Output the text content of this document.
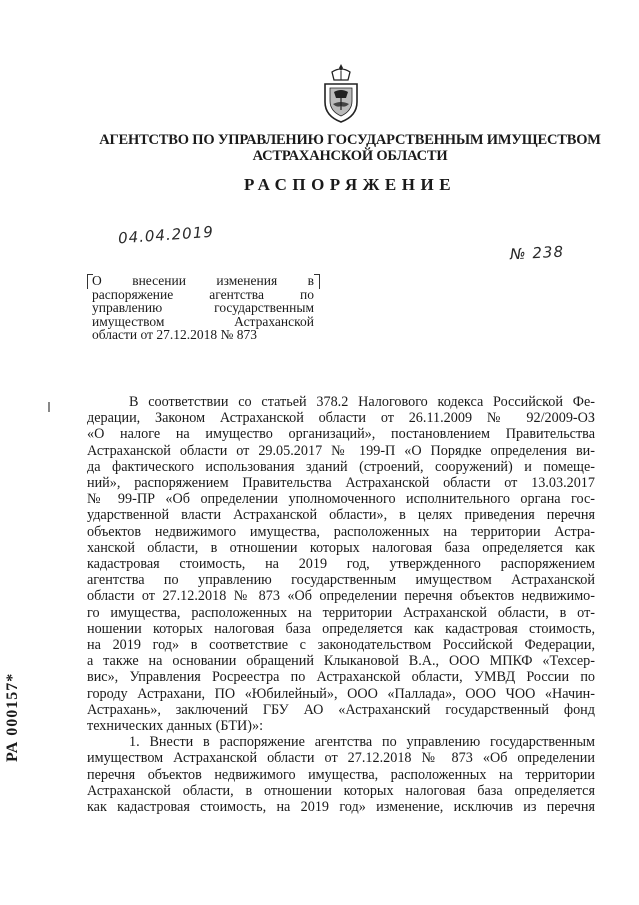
АГЕНТСТВО ПО УПРАВЛЕНИЮ ГОСУДАРСТВЕННЫМ ИМУЩЕСТВОМ
АСТРАХАНСКОЙ ОБЛАСТИ
РАСПОРЯЖЕНИЕ
04.04.2019
№ 238
О внесении изменения в
распоряжение агентства по
управлению государственным
имуществом Астраханской
области от 27.12.2018 № 873
В соответствии со статьей 378.2 Налогового кодекса Российской Фе-
дерации, Законом Астраханской области от 26.11.2009 № 92/2009-ОЗ
«О налоге на имущество организаций», постановлением Правительства
Астраханской области от 29.05.2017 № 199-П «О Порядке определения ви-
да фактического использования зданий (строений, сооружений) и помеще-
ний», распоряжением Правительства Астраханской области от 13.03.2017
№ 99-ПР «Об определении уполномоченного исполнительного органа гос-
ударственной власти Астраханской области», в целях приведения перечня
объектов недвижимого имущества, расположенных на территории Астра-
ханской области, в отношении которых налоговая база определяется как
кадастровая стоимость, на 2019 год, утвержденного распоряжением
агентства по управлению государственным имуществом Астраханской
области от 27.12.2018 № 873 «Об определении перечня объектов недвижимо-
го имущества, расположенных на территории Астраханской области, в от-
ношении которых налоговая база определяется как кадастровая стоимость,
на 2019 год» в соответствие с законодательством Российской Федерации,
а также на основании обращений Клыкановой В.А., ООО МПКФ «Техсер-
вис», Управления Росреестра по Астраханской области, УМВД России по
городу Астрахани, ПО «Юбилейный», ООО «Паллада», ООО ЧОО «Начин-
Астрахань», заключений ГБУ АО «Астраханский государственный фонд
технических данных (БТИ)»:
1. Внести в распоряжение агентства по управлению государственным
имуществом Астраханской области от 27.12.2018 № 873 «Об определении
перечня объектов недвижимого имущества, расположенных на территории
Астраханской области, в отношении которых налоговая база определяется
как кадастровая стоимость, на 2019 год» изменение, исключив из перечня
РА 000157*
